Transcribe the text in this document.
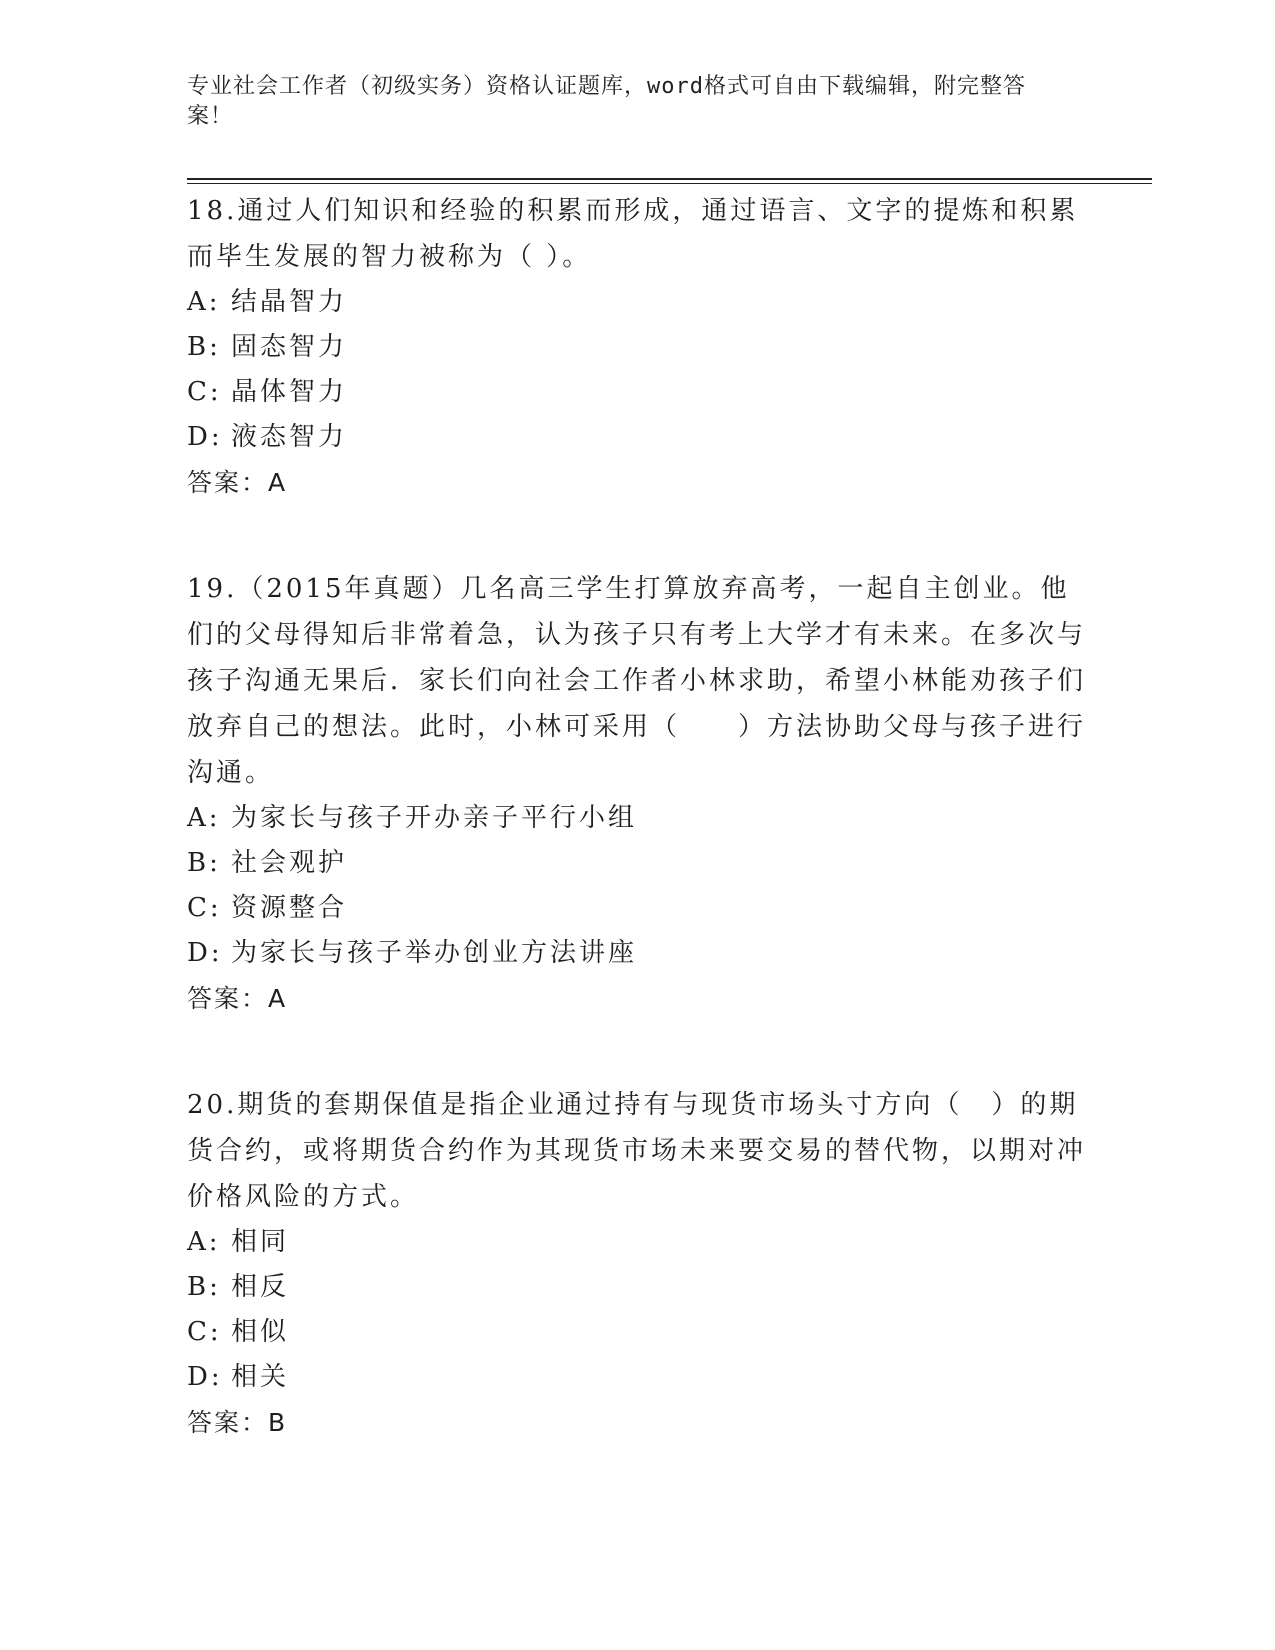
专业社会工作者（初级实务）资格认证题库，word格式可自由下载编辑，附完整答案！
18.通过人们知识和经验的积累而形成，通过语言、文字的提炼和积累而毕生发展的智力被称为（ ）。
A: 结晶智力
B: 固态智力
C: 晶体智力
D: 液态智力
答案：A
19.（2015年真题）几名高三学生打算放弃高考，一起自主创业。他们的父母得知后非常着急，认为孩子只有考上大学才有未来。在多次与孩子沟通无果后．家长们向社会工作者小林求助，希望小林能劝孩子们放弃自己的想法。此时，小林可采用（　　）方法协助父母与孩子进行沟通。
A: 为家长与孩子开办亲子平行小组
B: 社会观护
C: 资源整合
D: 为家长与孩子举办创业方法讲座
答案：A
20.期货的套期保值是指企业通过持有与现货市场头寸方向（　）的期货合约，或将期货合约作为其现货市场未来要交易的替代物，以期对冲价格风险的方式。
A: 相同
B: 相反
C: 相似
D: 相关
答案：B
